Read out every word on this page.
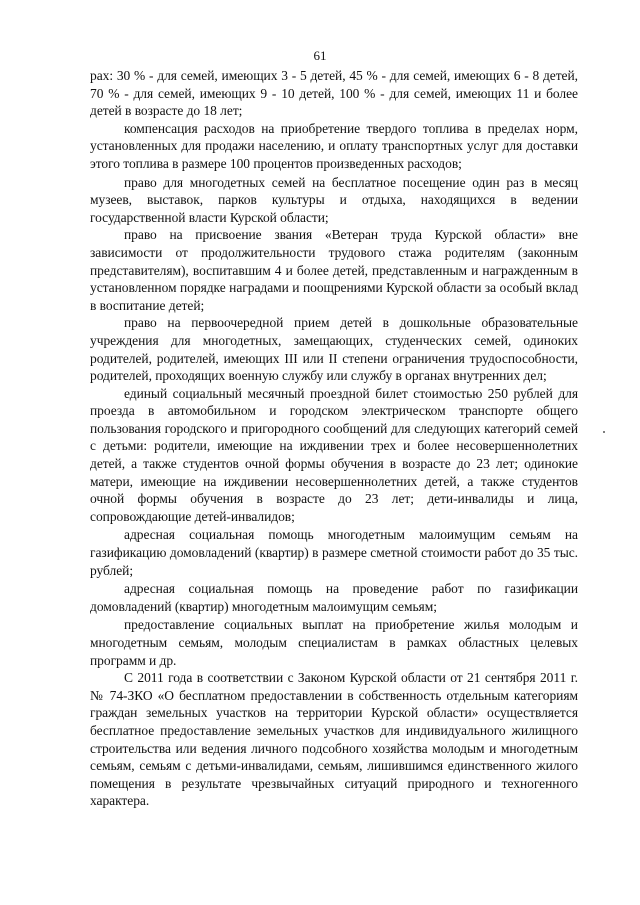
61

рах: 30 % - для семей, имеющих 3 - 5 детей, 45 % - для семей, имеющих 6 - 8 детей, 70 % - для семей, имеющих 9 - 10 детей, 100 % - для семей, имеющих 11 и более детей в возрасте до 18 лет;

компенсация расходов на приобретение твердого топлива в пределах норм, установленных для продажи населению, и оплату транспортных услуг для доставки этого топлива в размере 100 процентов произведенных расходов;

право для многодетных семей на бесплатное посещение один раз в месяц музеев, выставок, парков культуры и отдыха, находящихся в ведении государственной власти Курской области;

право на присвоение звания «Ветеран труда Курской области» вне зависимости от продолжительности трудового стажа родителям (законным представителям), воспитавшим 4 и более детей, представленным и награжденным в установленном порядке наградами и поощрениями Курской области за особый вклад в воспитание детей;

право на первоочередной прием детей в дошкольные образовательные учреждения для многодетных, замещающих, студенческих семей, одиноких родителей, родителей, имеющих III или II степени ограничения трудоспособности, родителей, проходящих военную службу или службу в органах внутренних дел;

единый социальный месячный проездной билет стоимостью 250 рублей для проезда в автомобильном и городском электрическом транспорте общего пользования городского и пригородного сообщений для следующих категорий семей с детьми: родители, имеющие на иждивении трех и более несовершеннолетних детей, а также студентов очной формы обучения в возрасте до 23 лет; одинокие матери, имеющие на иждивении несовершеннолетних детей, а также студентов очной формы обучения в возрасте до 23 лет; дети-инвалиды и лица, сопровождающие детей-инвалидов;

адресная социальная помощь многодетным малоимущим семьям на газификацию домовладений (квартир) в размере сметной стоимости работ до 35 тыс. рублей;

адресная социальная помощь на проведение работ по газификации домовладений (квартир) многодетным малоимущим семьям;

предоставление социальных выплат на приобретение жилья молодым и многодетным семьям, молодым специалистам в рамках областных целевых программ и др.

С 2011 года в соответствии с Законом Курской области от 21 сентября 2011 г. № 74-ЗКО «О бесплатном предоставлении в собственность отдельным категориям граждан земельных участков на территории Курской области» осуществляется бесплатное предоставление земельных участков для индивидуального жилищного строительства или ведения личного подсобного хозяйства молодым и многодетным семьям, семьям с детьми-инвалидами, семьям, лишившимся единственного жилого помещения в результате чрезвычайных ситуаций природного и техногенного характера.
